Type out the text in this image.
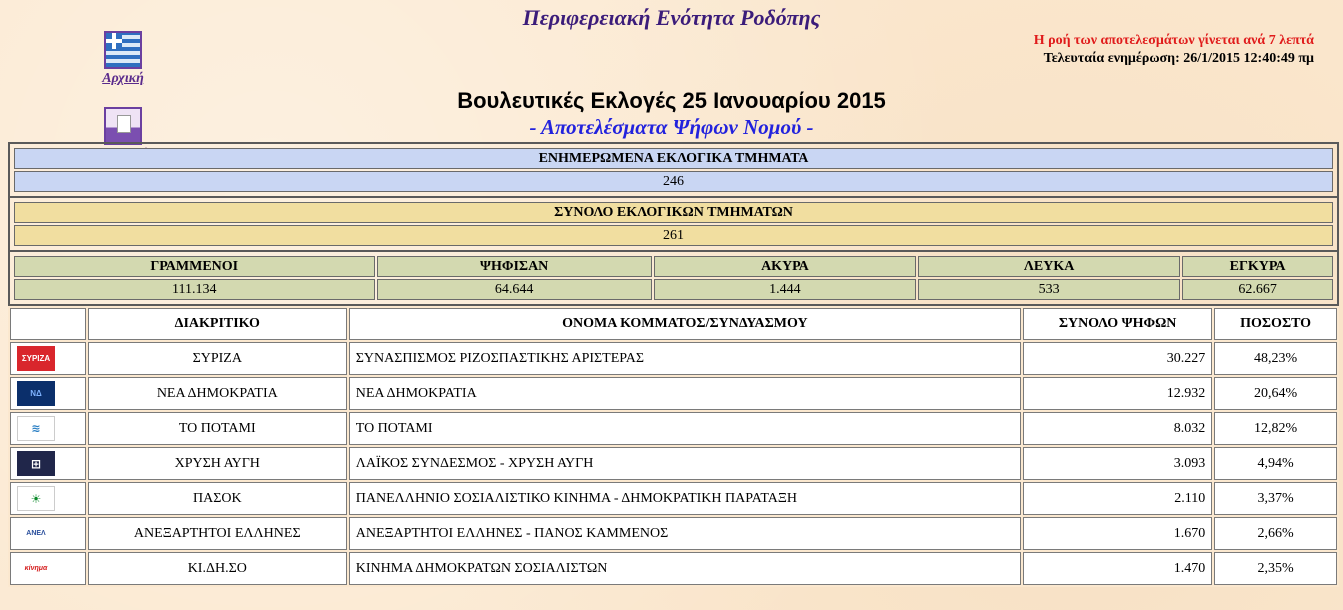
Περιφερειακή Ενότητα Ροδόπης
Η ροή των αποτελεσμάτων γίνεται ανά 7 λεπτά
Τελευταία ενημέρωση: 26/1/2015 12:40:49 πμ
Αρχική
Βουλευτικές Εκλογές 25 Ιανουαρίου 2015
- Αποτελέσματα Ψήφων Νομού -
ΕΝΗΜΕΡΩΜΕΝΑ ΕΚΛΟΓΙΚΑ ΤΜΗΜΑΤΑ
246
ΣΥΝΟΛΟ ΕΚΛΟΓΙΚΩΝ ΤΜΗΜΑΤΩΝ
261
ΓΡΑΜΜΕΝΟΙ	ΨΗΦΙΣΑΝ	ΑΚΥΡΑ	ΛΕΥΚΑ	ΕΓΚΥΡΑ
111.134	64.644	1.444	533	62.667
	ΔΙΑΚΡΙΤΙΚΟ	ΟΝΟΜΑ ΚΟΜΜΑΤΟΣ/ΣΥΝΔΥΑΣΜΟΥ	ΣΥΝΟΛΟ ΨΗΦΩΝ	ΠΟΣΟΣΤΟ

ΣΥΡΙΖΑ	ΣΥΡΙΖΑ	ΣΥΝΑΣΠΙΣΜΟΣ ΡΙΖΟΣΠΑΣΤΙΚΗΣ ΑΡΙΣΤΕΡΑΣ	30.227	48,23%

ΝΔ	ΝΕΑ ΔΗΜΟΚΡΑΤΙΑ	ΝΕΑ ΔΗΜΟΚΡΑΤΙΑ	12.932	20,64%

≋	ΤΟ ΠΟΤΑΜΙ	ΤΟ ΠΟΤΑΜΙ	8.032	12,82%

⊞	ΧΡΥΣΗ ΑΥΓΗ	ΛΑΪΚΟΣ ΣΥΝΔΕΣΜΟΣ - ΧΡΥΣΗ ΑΥΓΗ	3.093	4,94%

☀	ΠΑΣΟΚ	ΠΑΝΕΛΛΗΝΙΟ ΣΟΣΙΑΛΙΣΤΙΚΟ ΚΙΝΗΜΑ - ΔΗΜΟΚΡΑΤΙΚΗ ΠΑΡΑΤΑΞΗ	2.110	3,37%

ΑΝΕΛ	ΑΝΕΞΑΡΤΗΤΟΙ ΕΛΛΗΝΕΣ	ΑΝΕΞΑΡΤΗΤΟΙ ΕΛΛΗΝΕΣ - ΠΑΝΟΣ ΚΑΜΜΕΝΟΣ	1.670	2,66%

κίνημα	ΚΙ.ΔΗ.ΣΟ	ΚΙΝΗΜΑ ΔΗΜΟΚΡΑΤΩΝ ΣΟΣΙΑΛΙΣΤΩΝ	1.470	2,35%
